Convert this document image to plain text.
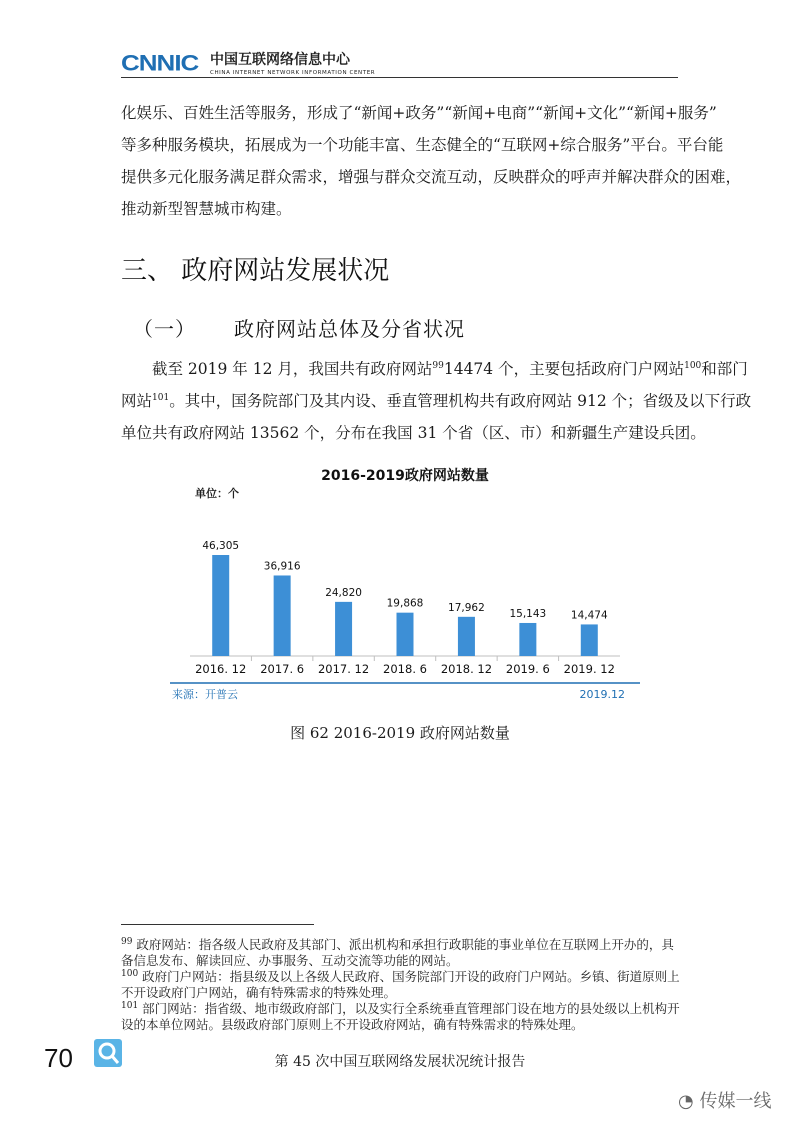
CNNIC 中国互联网络信息中心
CHINA INTERNET NETWORK INFORMATION CENTER

化娱乐、百姓生活等服务，形成了“新闻+政务”“新闻+电商”“新闻+文化”“新闻+服务”

等多种服务模块，拓展成为一个功能丰富、生态健全的“互联网+综合服务”平台。平台能

提供多元化服务满足群众需求，增强与群众交流互动，反映群众的呼声并解决群众的困难，

推动新型智慧城市构建。

三、 政府网站发展状况
（一） 政府网站总体及分省状况

截至 2019 年 12 月，我国共有政府网站$^{99}$14474 个，主要包括政府门户网站$^{100}$和部门

网站$^{101}$。其中，国务院部门及其内设、垂直管理机构共有政府网站 912 个；省级及以下行政

单位共有政府网站 13562 个，分布在我国 31 个省（区、市）和新疆生产建设兵团。

2016-2019政府网站数量
单位：个
46,305
2016. 12
36,916
2017. 6
24,820
2017. 12
19,868
2018. 6
17,962
2018. 12
15,143
2019. 6
14,474
2019. 12
来源：开普云	2019.12
图 62 2016-2019 政府网站数量

$^{99}$ 政府网站：指各级人民政府及其部门、派出机构和承担行政职能的事业单位在互联网上开办的，具备信息发布、解读回应、办事服务、互动交流等功能的网站。

$^{100}$ 政府门户网站：指县级及以上各级人民政府、国务院部门开设的政府门户网站。乡镇、街道原则上不开设政府门户网站，确有特殊需求的特殊处理。

$^{101}$ 部门网站：指省级、地市级政府部门，以及实行全系统垂直管理部门设在地方的县处级以上机构开设的本单位网站。县级政府部门原则上不开设政府网站，确有特殊需求的特殊处理。

70	第 45 次中国互联网络发展状况统计报告
◔ 传媒一线
